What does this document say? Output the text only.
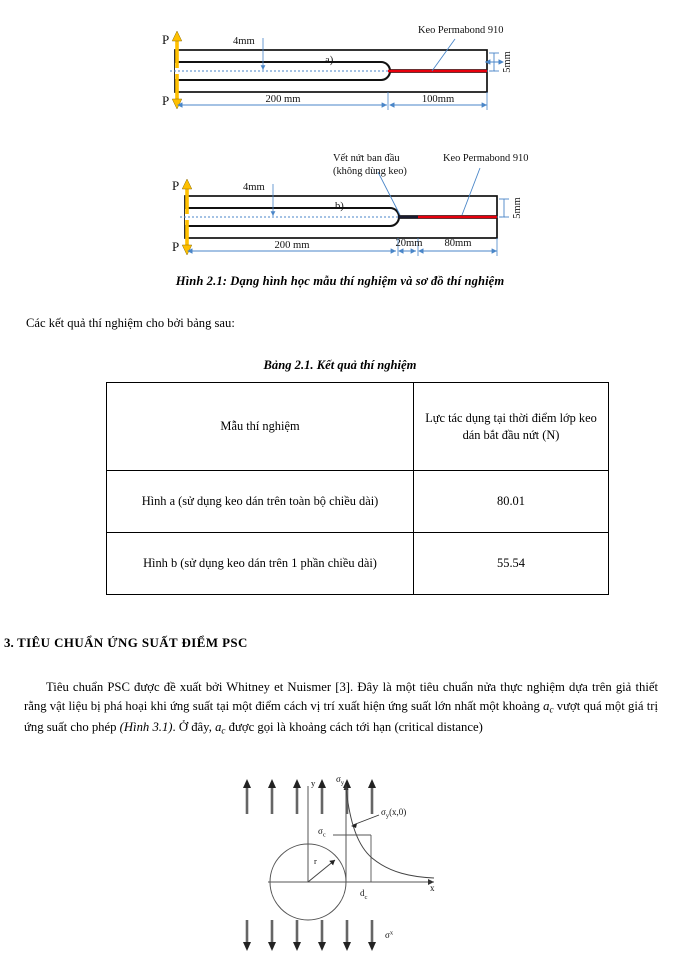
P
P
4mm
a)	5mm
Keo Permabond 910
200 mm	100mm
P
P
4mm
b)	5mm
Vết nứt ban đầu
(không dùng keo)
Keo Permabond 910
200 mm	20mm 80mm
Hình 2.1: Dạng hình học mẫu thí nghiệm và sơ đồ thí nghiệm
Các kết quả thí nghiệm cho bởi bảng sau:
Bảng 2.1. Kết quả thí nghiệm
Mẫu thí nghiệm	Lực tác dụng tại thời điểm lớp keo dán bắt đầu nứt (N)
Hình a (sử dụng keo dán trên toàn bộ chiều dài)	80.01
Hình b (sử dụng keo dán trên 1 phần chiều dài)	55.54
3. TIÊU CHUẨN ỨNG SUẤT ĐIỂM PSC
Tiêu chuẩn PSC được đề xuất bởi Whitney et Nuismer [3]. Đây là một tiêu chuẩn nửa thực nghiệm dựa trên giả thiết rằng vật liệu bị phá hoại khi ứng suất tại một điểm cách vị trí xuất hiện ứng suất lớn nhất một khoảng $a_c$ vượt quá một giá trị ứng suất cho phép (Hình 3.1). Ở đây, $a_c$ được gọi là khoảng cách tới hạn (critical distance)
y $\sigma_y$
x
r
$\sigma_c$
$d_c$
$\sigma_y(x,0)$
$\sigma^x$
